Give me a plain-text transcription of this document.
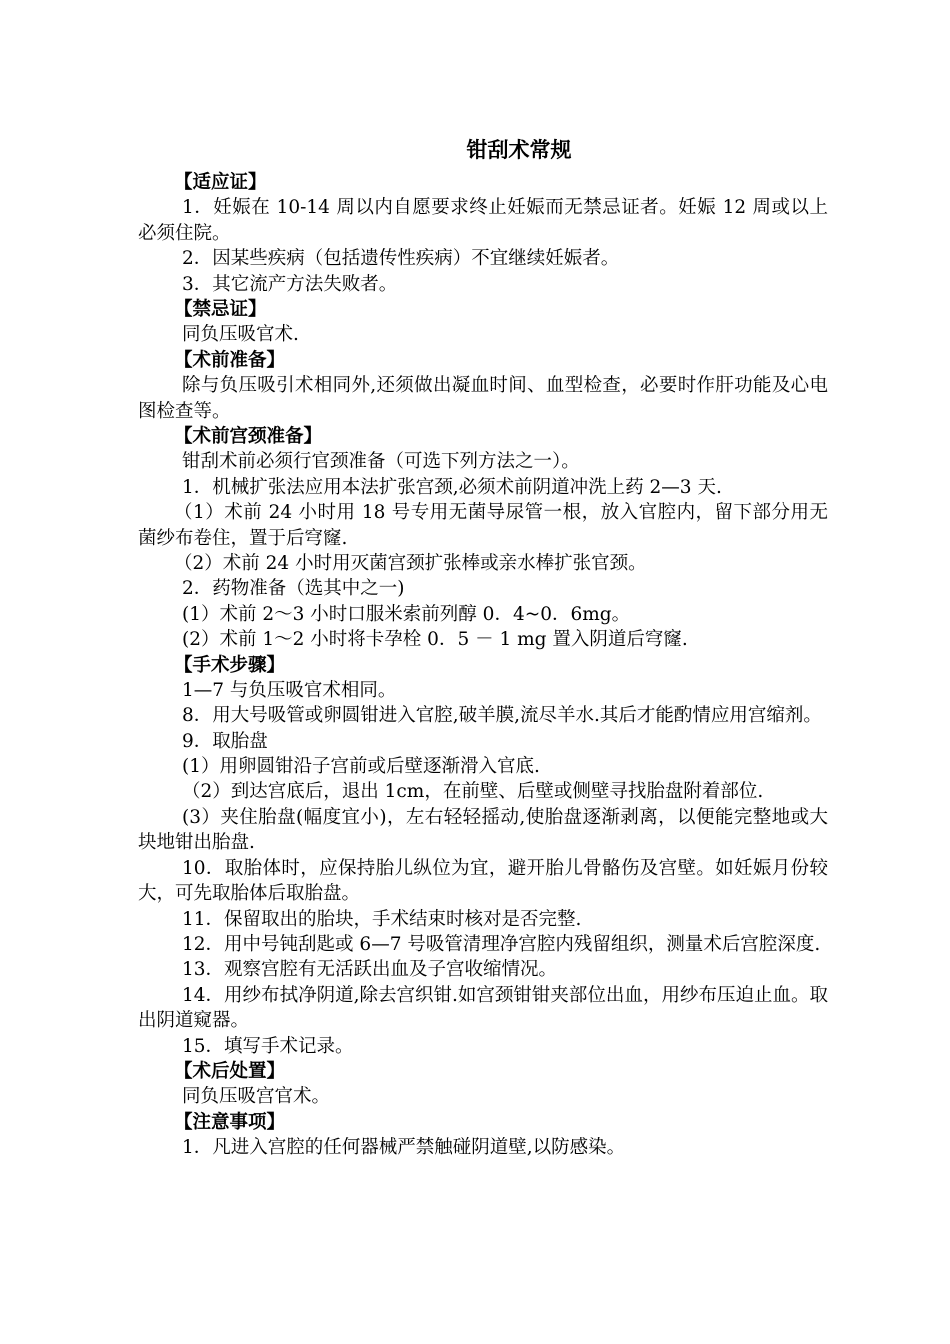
钳刮术常规
【适应证】
1．妊娠在 10-14 周以内自愿要求终止妊娠而无禁忌证者。妊娠 12 周或以上必须住院。
2．因某些疾病（包括遗传性疾病）不宜继续妊娠者。
3．其它流产方法失败者。
【禁忌证】
同负压吸官术.
【术前准备】
除与负压吸引术相同外,还须做出凝血时间、血型检查，必要时作肝功能及心电图检查等。
【术前宫颈准备】
钳刮术前必须行官颈准备（可选下列方法之一）。
1．机械扩张法应用本法扩张宫颈,必须术前阴道冲洗上药 2—3 天.
（1）术前 24 小时用 18 号专用无菌导尿管一根，放入官腔内，留下部分用无菌纱布卷住，置于后穹窿.
（2）术前 24 小时用灭菌宫颈扩张棒或亲水棒扩张官颈。
2．药物准备（选其中之一)
(1）术前 2～3 小时口服米索前列醇 0．4~0．6mg。
(2）术前 1～2 小时将卡孕栓 0．5 － 1 mg 置入阴道后穹窿.
【手术步骤】
1—7 与负压吸官术相同。
8．用大号吸管或卵圆钳进入官腔,破羊膜,流尽羊水.其后才能酌情应用宫缩剂。
9．取胎盘
(1）用卵圆钳沿子宫前或后壁逐渐滑入官底.
（2）到达宫底后，退出 1cm，在前壁、后壁或侧壁寻找胎盘附着部位.
(3）夹住胎盘(幅度宜小)，左右轻轻摇动,使胎盘逐渐剥离，以便能完整地或大块地钳出胎盘.
10．取胎体时，应保持胎儿纵位为宜，避开胎儿骨骼伤及宫壁。如妊娠月份较大，可先取胎体后取胎盘。
11．保留取出的胎块，手术结束时核对是否完整.
12．用中号钝刮匙或 6—7 号吸管清理净宫腔内残留组织，测量术后宫腔深度.
13．观察宫腔有无活跃出血及子宫收缩情况。
14．用纱布拭净阴道,除去宫织钳.如宫颈钳钳夹部位出血，用纱布压迫止血。取出阴道窥器。
15．填写手术记录。
【术后处置】
同负压吸宫官术。
【注意事项】
1．凡进入宫腔的任何器械严禁触碰阴道壁,以防感染。
